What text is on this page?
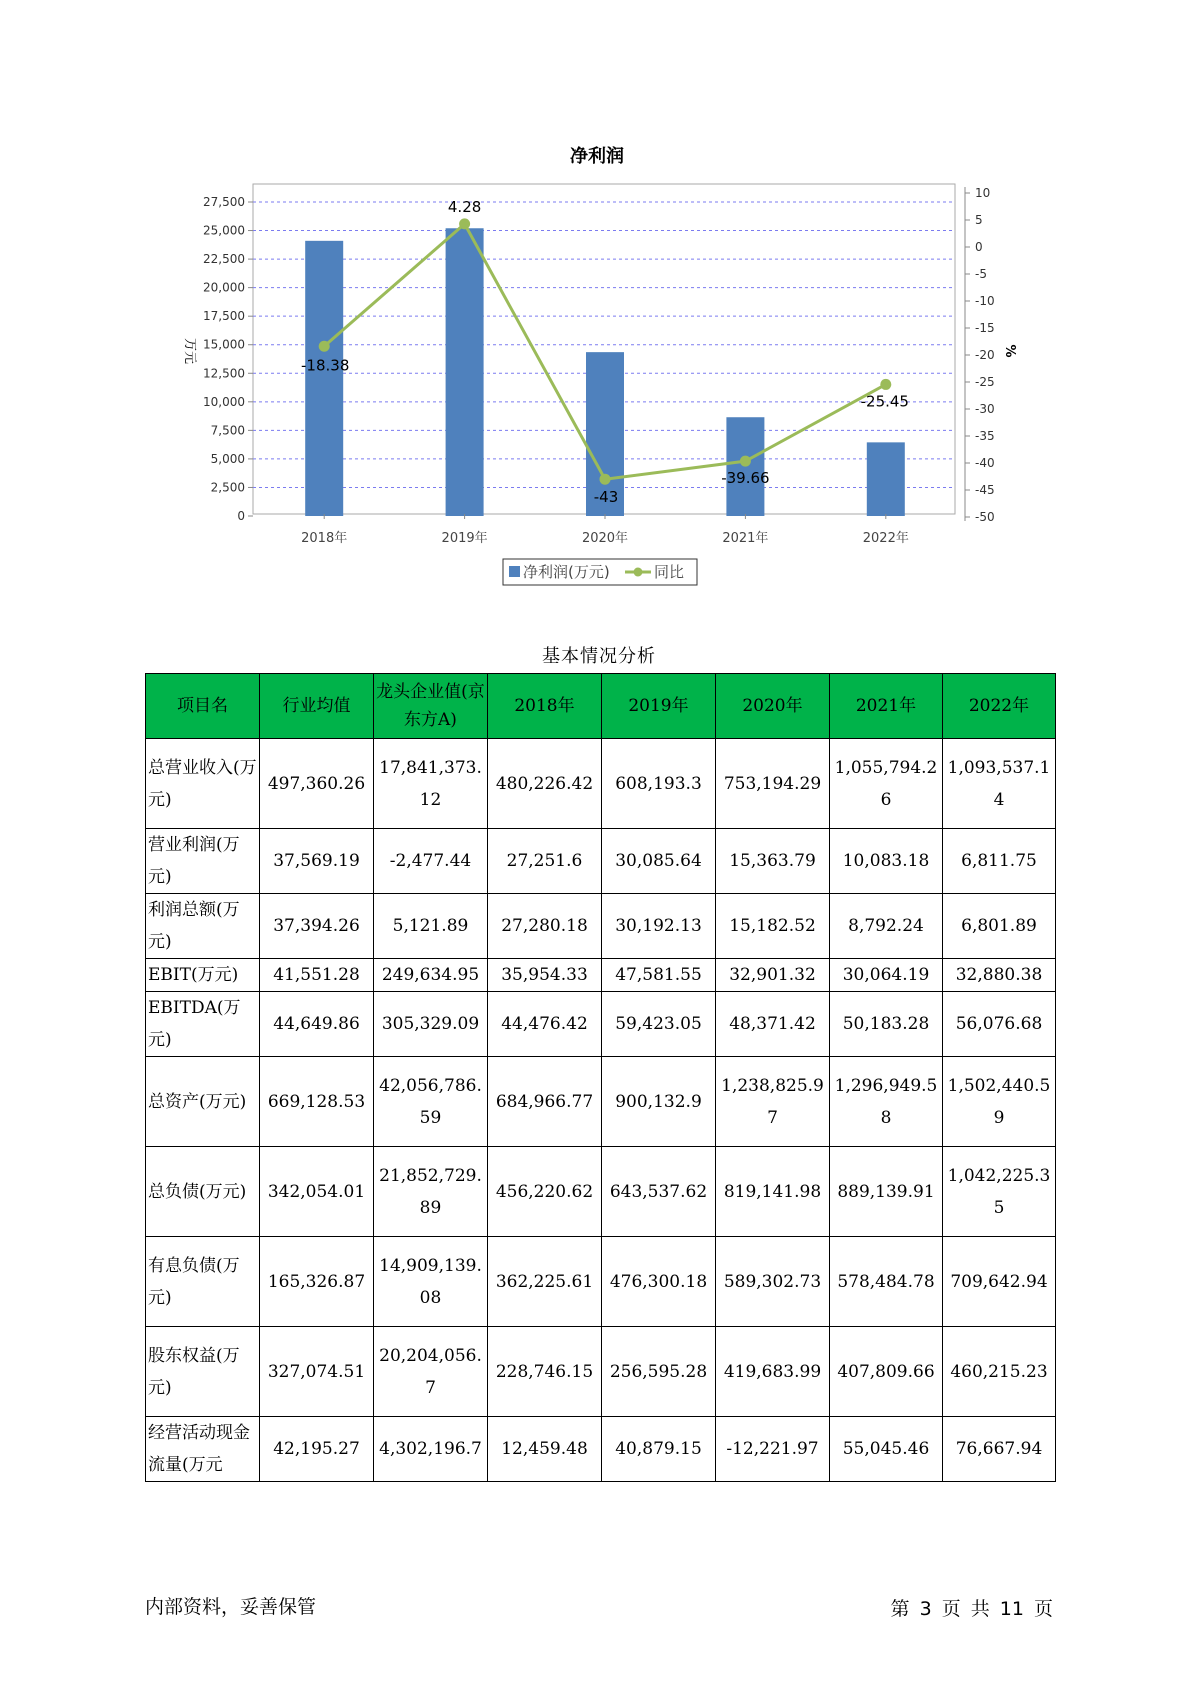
净利润
0
2,500
5,000
7,500
10,000
12,500
15,000
17,500
20,000
22,500
25,000
27,500
10
5
0
-5
-10
-15
-20
-25
-30
-35
-40
-45
-50
-18.38
4.28
-43
-39.66
-25.45
2018年	2019年	2020年	2021年	2022年
万元	%
净利润(万元)	同比
基本情况分析
项目名	行业均值	龙头企业值(京东方A)	2018年	2019年	2020年	2021年	2022年
总营业收入(万元)	497,360.26	17,841,373.12	480,226.42	608,193.3	753,194.29	1,055,794.26	1,093,537.14
营业利润(万元)	37,569.19	-2,477.44	27,251.6	30,085.64	15,363.79	10,083.18	6,811.75
利润总额(万元)	37,394.26	5,121.89	27,280.18	30,192.13	15,182.52	8,792.24	6,801.89
EBIT(万元)	41,551.28	249,634.95	35,954.33	47,581.55	32,901.32	30,064.19	32,880.38
EBITDA(万元)	44,649.86	305,329.09	44,476.42	59,423.05	48,371.42	50,183.28	56,076.68
总资产(万元)	669,128.53	42,056,786.59	684,966.77	900,132.9	1,238,825.97	1,296,949.58	1,502,440.59
总负债(万元)	342,054.01	21,852,729.89	456,220.62	643,537.62	819,141.98	889,139.91	1,042,225.35
有息负债(万元)	165,326.87	14,909,139.08	362,225.61	476,300.18	589,302.73	578,484.78	709,642.94
股东权益(万元)	327,074.51	20,204,056.7	228,746.15	256,595.28	419,683.99	407,809.66	460,215.23
经营活动现金流量(万元	42,195.27	4,302,196.7	12,459.48	40,879.15	-12,221.97	55,045.46	76,667.94
内部资料，妥善保管	第 3 页 共 11 页
